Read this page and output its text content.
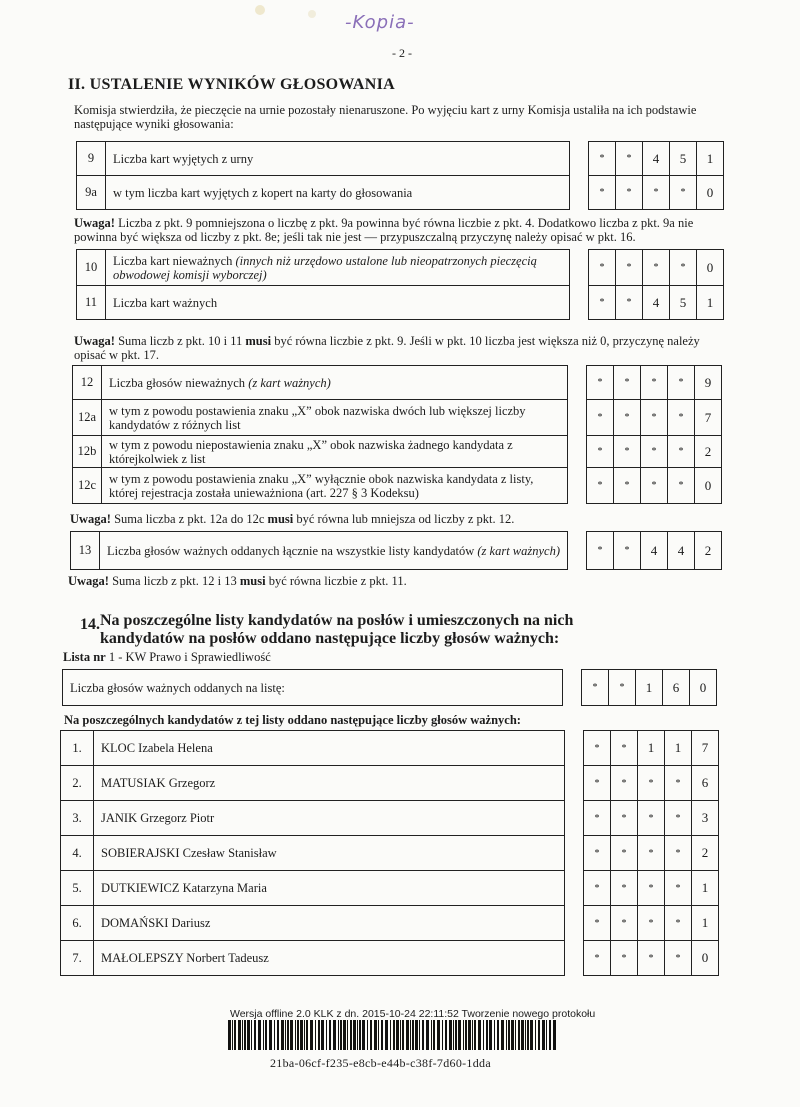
-Kopia-
- 2 -
II. USTALENIE WYNIKÓW GŁOSOWANIA
Komisja stwierdziła, że pieczęcie na urnie pozostały nienaruszone. Po wyjęciu kart z urny Komisja ustaliła na ich podstawie następujące wyniki głosowania:
9	Liczba kart wyjętych z urny		*	*	4	5	1
9a	w tym liczba kart wyjętych z kopert na karty do głosowania		*	*	*	*	0
Uwaga! Liczba z pkt. 9 pomniejszona o liczbę z pkt. 9a powinna być równa liczbie z pkt. 4. Dodatkowo liczba z pkt. 9a nie powinna być większa od liczby z pkt. 8e; jeśli tak nie jest — przypuszczalną przyczynę należy opisać w pkt. 16.
10	Liczba kart nieważnych (innych niż urzędowo ustalone lub nieopatrzonych pieczęcią obwodowej komisji wyborczej)		*	*	*	*	0
11	Liczba kart ważnych		*	*	4	5	1
Uwaga! Suma liczb z pkt. 10 i 11 musi być równa liczbie z pkt. 9. Jeśli w pkt. 10 liczba jest większa niż 0, przyczynę należy opisać w pkt. 17.
12	Liczba głosów nieważnych (z kart ważnych)		*	*	*	*	9
12a	w tym z powodu postawienia znaku „X” obok nazwiska dwóch lub większej liczby kandydatów z różnych list		*	*	*	*	7
12b	w tym z powodu niepostawienia znaku „X” obok nazwiska żadnego kandydata z którejkolwiek z list		*	*	*	*	2
12c	w tym z powodu postawienia znaku „X” wyłącznie obok nazwiska kandydata z listy, której rejestracja została unieważniona (art. 227 § 3 Kodeksu)		*	*	*	*	0
Uwaga! Suma liczba z pkt. 12a do 12c musi być równa lub mniejsza od liczby z pkt. 12.
13	Liczba głosów ważnych oddanych łącznie na wszystkie listy kandydatów (z kart ważnych)		*	*	4	4	2
Uwaga! Suma liczb z pkt. 12 i 13 musi być równa liczbie z pkt. 11.
14. Na poszczególne listy kandydatów na posłów i umieszczonych na nich kandydatów na posłów oddano następujące liczby głosów ważnych:
Lista nr 1 - KW Prawo i Sprawiedliwość
Liczba głosów ważnych oddanych na listę:		*	*	1	6	0
Na poszczególnych kandydatów z tej listy oddano następujące liczby głosów ważnych:
1.	KLOC Izabela Helena		*	*	1	1	7
2.	MATUSIAK Grzegorz		*	*	*	*	6
3.	JANIK Grzegorz Piotr		*	*	*	*	3
4.	SOBIERAJSKI Czesław Stanisław		*	*	*	*	2
5.	DUTKIEWICZ Katarzyna Maria		*	*	*	*	1
6.	DOMAŃSKI Dariusz		*	*	*	*	1
7.	MAŁOLEPSZY Norbert Tadeusz		*	*	*	*	0
Wersja offline 2.0 KLK z dn. 2015-10-24 22:11:52 Tworzenie nowego protokołu
21ba-06cf-f235-e8cb-e44b-c38f-7d60-1dda
